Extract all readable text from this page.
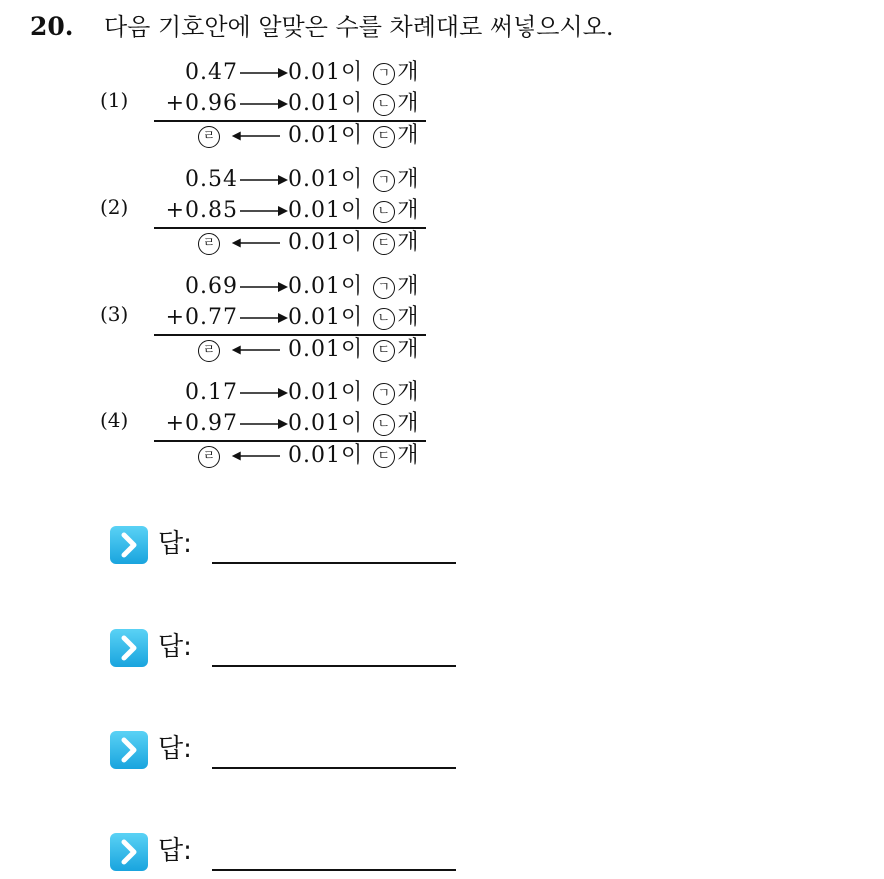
20. 다음 기호안에 알맞은 수를 차례대로 써넣으시오.
(1)
0.47 0.01이 ㄱ 개
+0.96 0.01이 ㄴ 개
ㄹ	0.01이 ㄷ 개
(2)
0.54 0.01이 ㄱ 개
+0.85 0.01이 ㄴ 개
ㄹ	0.01이 ㄷ 개
(3)
0.69 0.01이 ㄱ 개
+0.77 0.01이 ㄴ 개
ㄹ	0.01이 ㄷ 개
(4)
0.17 0.01이 ㄱ 개
+0.97 0.01이 ㄴ 개
ㄹ	0.01이 ㄷ 개
답:
답:
답:
답:
